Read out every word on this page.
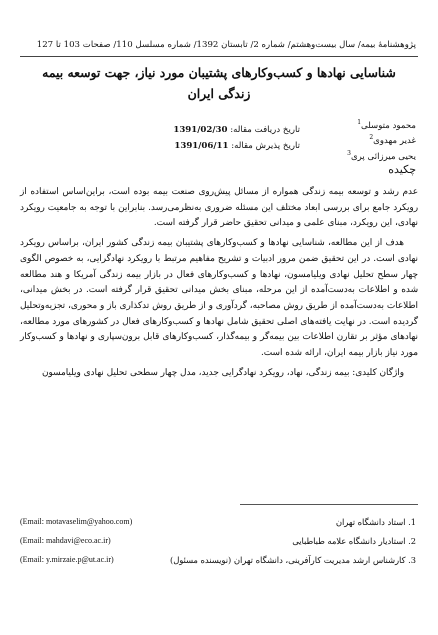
پژوهشنامهٔ بیمه/ سال بیست‌وهشتم/ شماره 2/ تابستان 1392/ شماره مسلسل 110/ صفحات 103 تا 127
شناسایی نهادها و کسب‌وکارهای پشتیبان مورد نیاز، جهت توسعه بیمه زندگی ایران
محمود متوسلی$^1$
غدیر مهدوی$^2$
یحیی میرزائی پری$^3$
تاریخ دریافت مقاله: 1391/02/30
تاریخ پذیرش مقاله: 1391/06/11
چکیده

عدم رشد و توسعه بیمه زندگی همواره از مسائل پیش‌روی صنعت بیمه بوده است، براین‌اساس استفاده از رویکرد جامع برای بررسی ابعاد مختلف این مسئله ضروری به‌نظرمی‌رسد. بنابراین با توجه به جامعیت رویکرد نهادی، این رویکرد، مبنای علمی و میدانی تحقیق حاضر قرار گرفته است.

هدف از این مطالعه، شناسایی نهادها و کسب‌وکارهای پشتیبان بیمه زندگی کشور ایران، براساس رویکرد نهادی است. در این تحقیق ضمن مرور ادبیات و تشریح مفاهیم مرتبط با رویکرد نهادگرایی، به خصوص الگوی چهار سطح تحلیل نهادی ویلیامسون، نهادها و کسب‌وکارهای فعال در بازار بیمه زندگی آمریکا و هند مطالعه شده و اطلاعات به‌دست‌آمده از این مرحله، مبنای بخش میدانی تحقیق قرار گرفته است. در بخش میدانی، اطلاعات به‌دست‌آمده از طریق روش مصاحبه، گردآوری و از طریق روش تدکذاری باز و محوری، تجزیه‌وتحلیل گردیده است. در نهایت یافته‌های اصلی تحقیق شامل نهادها و کسب‌وکارهای فعال در کشورهای مورد مطالعه، نهادهای مؤثر بر تقارن اطلاعات بین بیمه‌گر و بیمه‌گذار، کسب‌وکارهای قابل برون‌سپاری و نهادها و کسب‌وکار مورد نیاز بازار بیمه ایران، ارائه شده است.

واژگان کلیدی: بیمه زندگی، نهاد، رویکرد نهادگرایی جدید، مدل چهار سطحی تحلیل نهادی ویلیامسون

1. استاد دانشگاه تهران
(Email: motavaselim@yahoo.com)
2. استادیار دانشگاه علامه طباطبایی
(Email: mahdavi@eco.ac.ir)
3. کارشناس ارشد مدیریت کارآفرینی، دانشگاه تهران (نویسنده مسئول)
(Email: y.mirzaie.p@ut.ac.ir)
